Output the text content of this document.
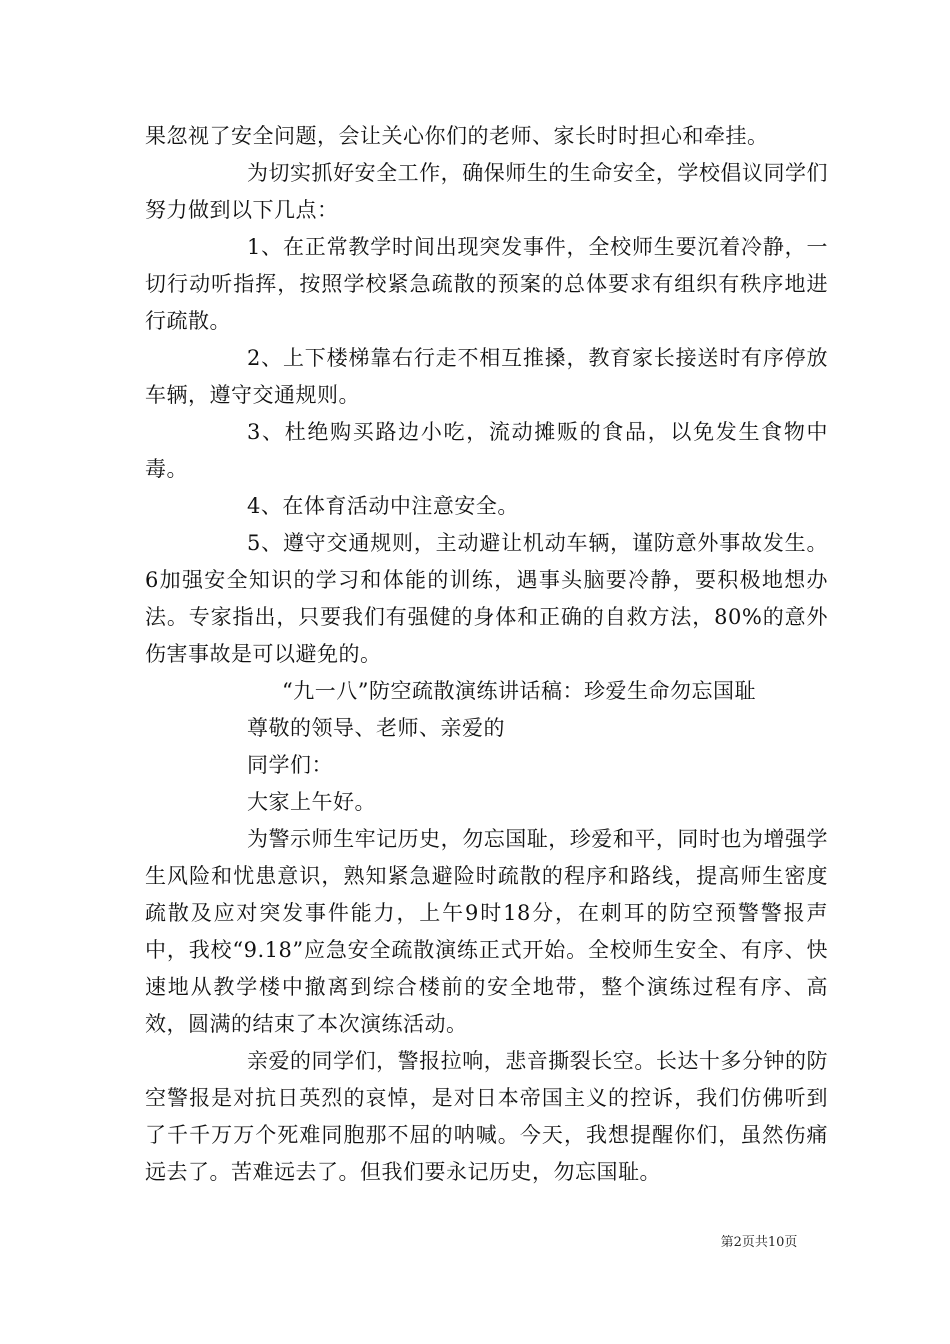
果忽视了安全问题，会让关心你们的老师、家长时时担心和牵挂。

为切实抓好安全工作，确保师生的生命安全，学校倡议同学们努力做到以下几点：

1、在正常教学时间出现突发事件，全校师生要沉着冷静，一切行动听指挥，按照学校紧急疏散的预案的总体要求有组织有秩序地进行疏散。

2、上下楼梯靠右行走不相互推搡，教育家长接送时有序停放车辆，遵守交通规则。

3、杜绝购买路边小吃，流动摊贩的食品，以免发生食物中毒。

4、在体育活动中注意安全。

5、遵守交通规则，主动避让机动车辆，谨防意外事故发生。6加强安全知识的学习和体能的训练，遇事头脑要冷静，要积极地想办法。专家指出，只要我们有强健的身体和正确的自救方法，80%的意外伤害事故是可以避免的。

“九一八”防空疏散演练讲话稿：珍爱生命勿忘国耻

尊敬的领导、老师、亲爱的

同学们：

大家上午好。

为警示师生牢记历史，勿忘国耻，珍爱和平，同时也为增强学生风险和忧患意识，熟知紧急避险时疏散的程序和路线，提高师生密度疏散及应对突发事件能力，上午9时18分，在刺耳的防空预警警报声中，我校“9.18”应急安全疏散演练正式开始。全校师生安全、有序、快速地从教学楼中撤离到综合楼前的安全地带，整个演练过程有序、高效，圆满的结束了本次演练活动。

亲爱的同学们，警报拉响，悲音撕裂长空。长达十多分钟的防空警报是对抗日英烈的哀悼，是对日本帝国主义的控诉，我们仿佛听到了千千万万个死难同胞那不屈的呐喊。今天，我想提醒你们，虽然伤痛远去了。苦难远去了。但我们要永记历史，勿忘国耻。

第2页共10页
